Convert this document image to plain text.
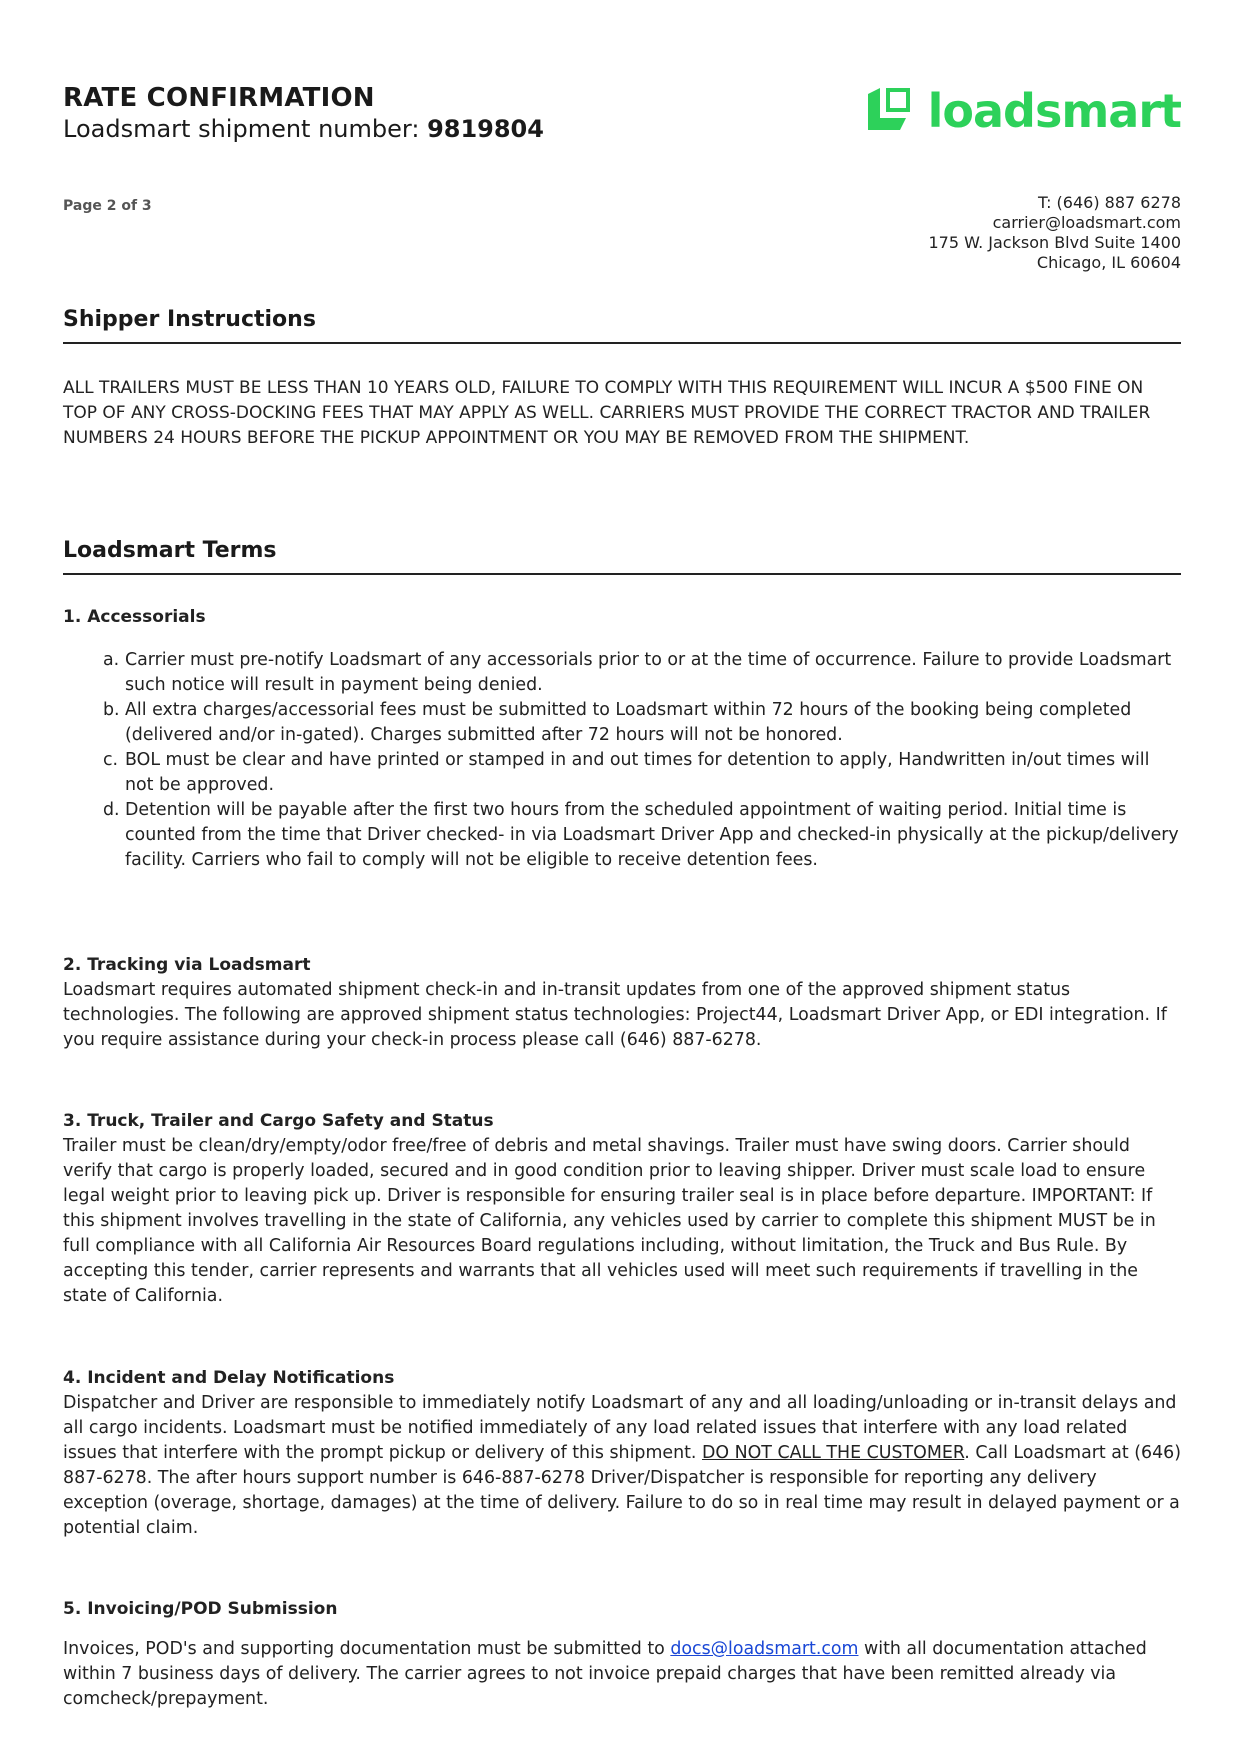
RATE CONFIRMATION
Loadsmart shipment number: 9819804	loadsmart
Page 2 of 3	T: (646) 887 6278
carrier@loadsmart.com
175 W. Jackson Blvd Suite 1400
Chicago, IL 60604
Shipper Instructions
ALL TRAILERS MUST BE LESS THAN 10 YEARS OLD, FAILURE TO COMPLY WITH THIS REQUIREMENT WILL INCUR A $500 FINE ON TOP OF ANY CROSS-DOCKING FEES THAT MAY APPLY AS WELL. CARRIERS MUST PROVIDE THE CORRECT TRACTOR AND TRAILER NUMBERS 24 HOURS BEFORE THE PICKUP APPOINTMENT OR YOU MAY BE REMOVED FROM THE SHIPMENT.
Loadsmart Terms
1. Accessorials
a. Carrier must pre-notify Loadsmart of any accessorials prior to or at the time of occurrence. Failure to provide Loadsmart such notice will result in payment being denied.
b. All extra charges/accessorial fees must be submitted to Loadsmart within 72 hours of the booking being completed (delivered and/or in-gated). Charges submitted after 72 hours will not be honored.
c. BOL must be clear and have printed or stamped in and out times for detention to apply, Handwritten in/out times will not be approved.
d. Detention will be payable after the first two hours from the scheduled appointment of waiting period. Initial time is counted from the time that Driver checked- in via Loadsmart Driver App and checked-in physically at the pickup/delivery facility. Carriers who fail to comply will not be eligible to receive detention fees.
2. Tracking via Loadsmart
Loadsmart requires automated shipment check-in and in-transit updates from one of the approved shipment status technologies. The following are approved shipment status technologies: Project44, Loadsmart Driver App, or EDI integration. If you require assistance during your check-in process please call (646) 887-6278.
3. Truck, Trailer and Cargo Safety and Status
Trailer must be clean/dry/empty/odor free/free of debris and metal shavings. Trailer must have swing doors. Carrier should verify that cargo is properly loaded, secured and in good condition prior to leaving shipper. Driver must scale load to ensure legal weight prior to leaving pick up. Driver is responsible for ensuring trailer seal is in place before departure. IMPORTANT: If this shipment involves travelling in the state of California, any vehicles used by carrier to complete this shipment MUST be in full compliance with all California Air Resources Board regulations including, without limitation, the Truck and Bus Rule. By accepting this tender, carrier represents and warrants that all vehicles used will meet such requirements if travelling in the state of California.
4. Incident and Delay Notifications
Dispatcher and Driver are responsible to immediately notify Loadsmart of any and all loading/unloading or in-transit delays and all cargo incidents. Loadsmart must be notified immediately of any load related issues that interfere with any load related issues that interfere with the prompt pickup or delivery of this shipment. DO NOT CALL THE CUSTOMER. Call Loadsmart at (646) 887-6278. The after hours support number is 646-887-6278 Driver/Dispatcher is responsible for reporting any delivery exception (overage, shortage, damages) at the time of delivery. Failure to do so in real time may result in delayed payment or a potential claim.
5. Invoicing/POD Submission
Invoices, POD's and supporting documentation must be submitted to docs@loadsmart.com with all documentation attached within 7 business days of delivery. The carrier agrees to not invoice prepaid charges that have been remitted already via comcheck/prepayment.
